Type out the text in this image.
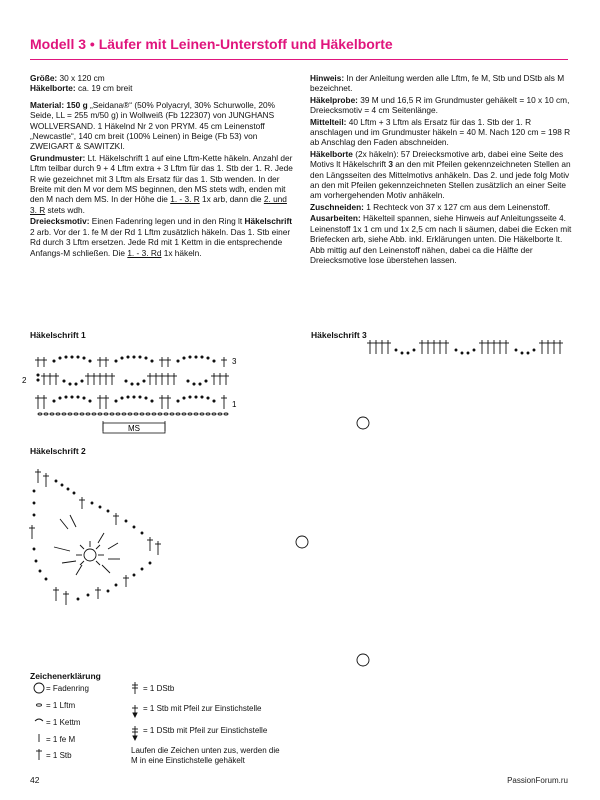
Modell 3 • Läufer mit Leinen-Unterstoff und Häkelborte

Größe: 30 x 120 cm
Häkelborte: ca. 19 cm breit

Material: 150 g „Seidana®“ (50% Polyacryl, 30% Schurwolle, 20% Seide, LL = 255 m/50 g) in Wollweiß (Fb 122307) von JUNGHANS WOLLVERSAND. 1 Häkelnd Nr 2 von PRYM. 45 cm Leinenstoff „Newcastle“, 140 cm breit (100% Leinen) in Beige (Fb 53) von ZWEIGART & SAWITZKI.

Grundmuster: Lt. Häkelschrift 1 auf eine Lftm-Kette häkeln. Anzahl der Lftm teilbar durch 9 + 4 Lftm extra + 3 Lftm für das 1. Stb der 1. R. Jede R wie gezeichnet mit 3 Lftm als Ersatz für das 1. Stb wenden. In der Breite mit den M vor dem MS beginnen, den MS stets wdh, enden mit den M nach dem MS. In der Höhe die 1. - 3. R 1x arb, dann die 2. und 3. R stets wdh.

Dreiecksmotiv: Einen Fadenring legen und in den Ring lt Häkelschrift 2 arb. Vor der 1. fe M der Rd 1 Lftm zusätzlich häkeln. Das 1. Stb einer Rd durch 3 Lftm ersetzen. Jede Rd mit 1 Kettm in die entsprechende Anfangs-M schließen. Die 1. - 3. Rd 1x häkeln.

Hinweis: In der Anleitung werden alle Lftm, fe M, Stb und DStb als M bezeichnet.

Häkelprobe: 39 M und 16,5 R im Grundmuster gehäkelt = 10 x 10 cm, Dreiecksmotiv = 4 cm Seitenlänge.

Mittelteil: 40 Lftm + 3 Lftm als Ersatz für das 1. Stb der 1. R anschlagen und im Grundmuster häkeln = 40 M. Nach 120 cm = 198 R ab Anschlag den Faden abschneiden.

Häkelborte (2x häkeln): 57 Dreiecksmotive arb, dabei eine Seite des Motivs lt Häkelschrift 3 an den mit Pfeilen gekennzeichneten Stellen an den Längsseiten des Mittelmotivs anhäkeln. Das 2. und jede folg Motiv an den mit Pfeilen gekennzeichneten Stellen zusätzlich an einer Seite am vorhergehenden Motiv anhäkeln.

Zuschneiden: 1 Rechteck von 37 x 127 cm aus dem Leinenstoff.

Ausarbeiten: Häkelteil spannen, siehe Hinweis auf Anleitungsseite 4. Leinenstoff 1x 1 cm und 1x 2,5 cm nach li säumen, dabei die Ecken mit Briefecken arb, siehe Abb. inkl. Erklärungen unten. Die Häkelborte lt. Abb mittig auf den Leinenstoff nähen, dabei ca die Hälfte der Dreiecksmotive lose überstehen lassen.

Häkelschrift 1
Häkelschrift 2
Häkelschrift 3
MS
3
2
1
Zeichenerklärung
= Fadenring
= 1 Lftm
= 1 Kettm
= 1 fe M
= 1 Stb
= 1 DStb
= 1 Stb mit Pfeil zur Einstichstelle
= 1 DStb mit Pfeil zur Einstichstelle
Laufen die Zeichen unten zus, werden die M in eine Einstichstelle gehäkelt
42	PassionForum.ru
